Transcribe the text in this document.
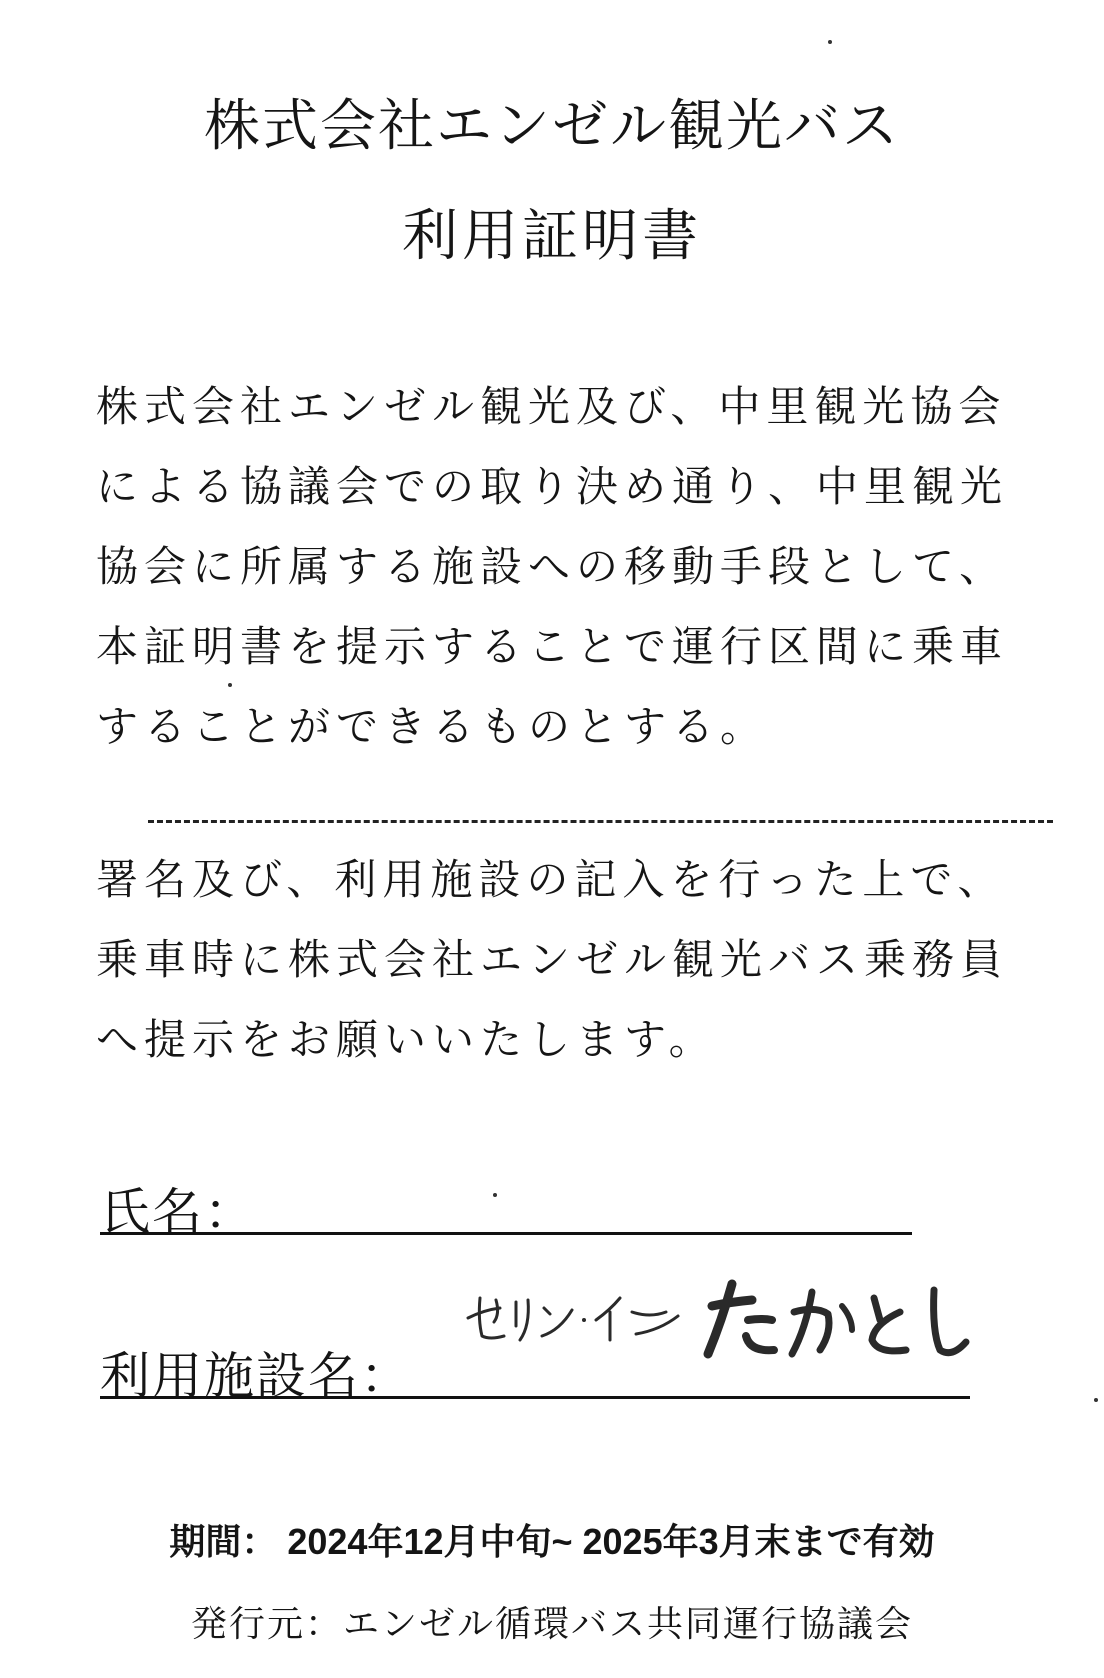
株式会社エンゼル観光バス
利用証明書
株式会社エンゼル観光及び、中里観光協会
による協議会での取り決め通り、中里観光
協会に所属する施設への移動手段として、
本証明書を提示することで運行区間に乗車
することができるものとする。
署名及び、利用施設の記入を行った上で、
乗車時に株式会社エンゼル観光バス乗務員
へ提示をお願いいたします。
氏名：
利用施設名：
期間： 2024年12月中旬~ 2025年3月末まで有効
発行元：エンゼル循環バス共同運行協議会
